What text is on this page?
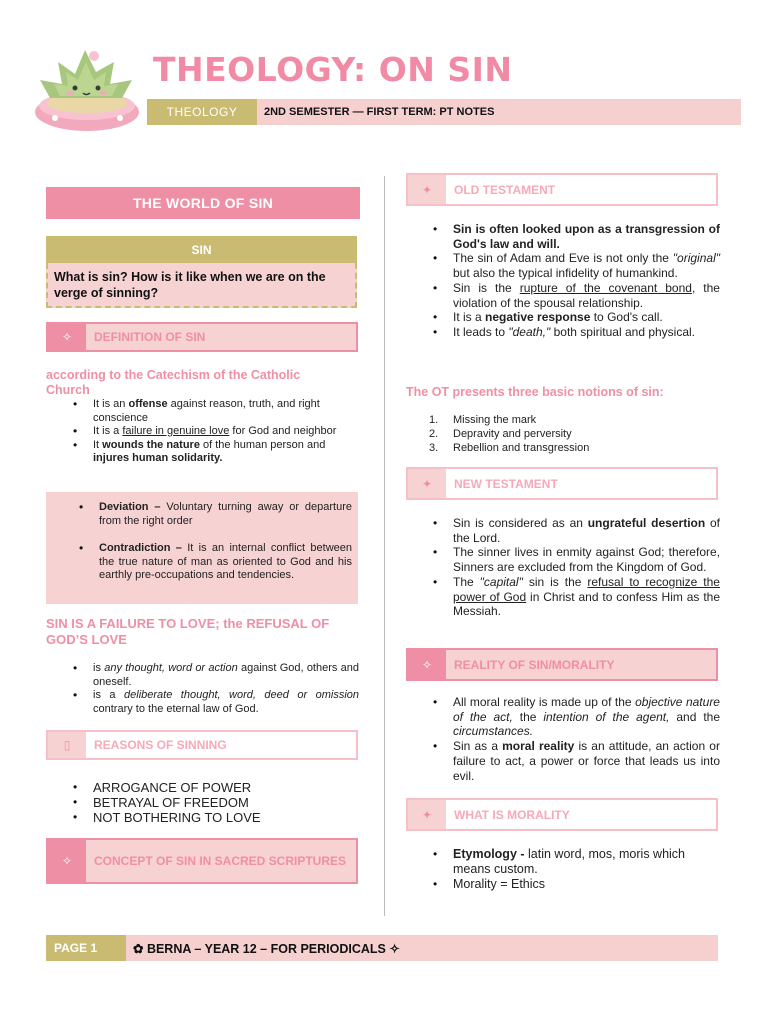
THEOLOGY: ON SIN
THEOLOGY	2ND SEMESTER — FIRST TERM: PT NOTES
THE WORLD OF SIN
SIN
What is sin? How is it like when we are on the verge of sinning?
✧	DEFINITION OF SIN
according to the Catechism of the Catholic Church
• It is an offense against reason, truth, and right conscience
• It is a failure in genuine love for God and neighbor
• It wounds the nature of the human person and injures human solidarity.
• Deviation – Voluntary turning away or departure from the right order
• Contradiction – It is an internal conflict between the true nature of man as oriented to God and his earthly pre-occupations and tendencies.
SIN IS A FAILURE TO LOVE; the REFUSAL OF GOD’S LOVE
• is any thought, word or action against God, others and oneself.
• is a deliberate thought, word, deed or omission contrary to the eternal law of God.
▯	REASONS OF SINNING
• ARROGANCE OF POWER
• BETRAYAL OF FREEDOM
• NOT BOTHERING TO LOVE
✧	CONCEPT OF SIN IN SACRED SCRIPTURES
✦	OLD TESTAMENT
• Sin is often looked upon as a transgression of God's law and will.
• The sin of Adam and Eve is not only the "original" but also the typical infidelity of humankind.
• Sin is the rupture of the covenant bond, the violation of the spousal relationship.
• It is a negative response to God's call.
• It leads to "death," both spiritual and physical.
The OT presents three basic notions of sin:
1. Missing the mark
2. Depravity and perversity
3. Rebellion and transgression
✦	NEW TESTAMENT
• Sin is considered as an ungrateful desertion of the Lord.
• The sinner lives in enmity against God; therefore, Sinners are excluded from the Kingdom of God.
• The "capital" sin is the refusal to recognize the power of God in Christ and to confess Him as the Messiah.
✧	REALITY OF SIN/MORALITY
• All moral reality is made up of the objective nature of the act, the intention of the agent, and the circumstances.
• Sin as a moral reality is an attitude, an action or failure to act, a power or force that leads us into evil.
✦	WHAT IS MORALITY
• Etymology - latin word, mos, moris which means custom.
• Morality = Ethics
PAGE 1	✿ BERNA – YEAR 12 – FOR PERIODICALS ✧
